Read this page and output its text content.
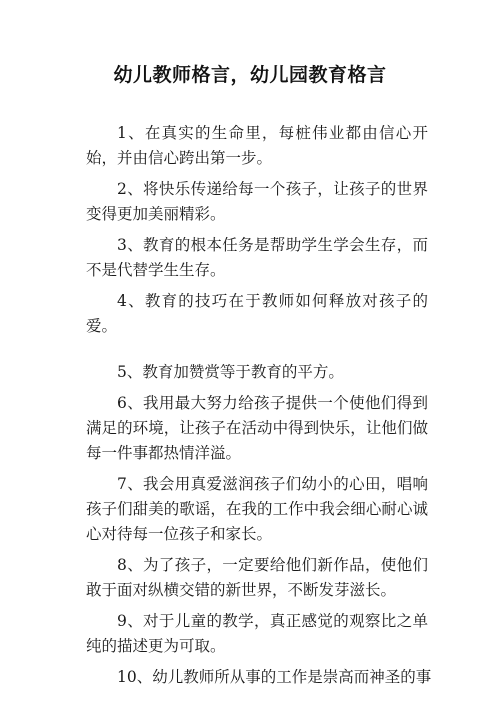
幼儿教师格言，幼儿园教育格言

1、在真实的生命里，每桩伟业都由信心开始，并由信心跨出第一步。

2、将快乐传递给每一个孩子，让孩子的世界变得更加美丽精彩。

3、教育的根本任务是帮助学生学会生存，而不是代替学生生存。

4、教育的技巧在于教师如何释放对孩子的爱。

5、教育加赞赏等于教育的平方。

6、我用最大努力给孩子提供一个使他们得到满足的环境，让孩子在活动中得到快乐，让他们做每一件事都热情洋溢。

7、我会用真爱滋润孩子们幼小的心田，唱响孩子们甜美的歌谣，在我的工作中我会细心耐心诚心对待每一位孩子和家长。

8、为了孩子，一定要给他们新作品，使他们敢于面对纵横交错的新世界，不断发芽滋长。

9、对于儿童的教学，真正感觉的观察比之单纯的描述更为可取。

10、幼儿教师所从事的工作是崇高而神圣的事
